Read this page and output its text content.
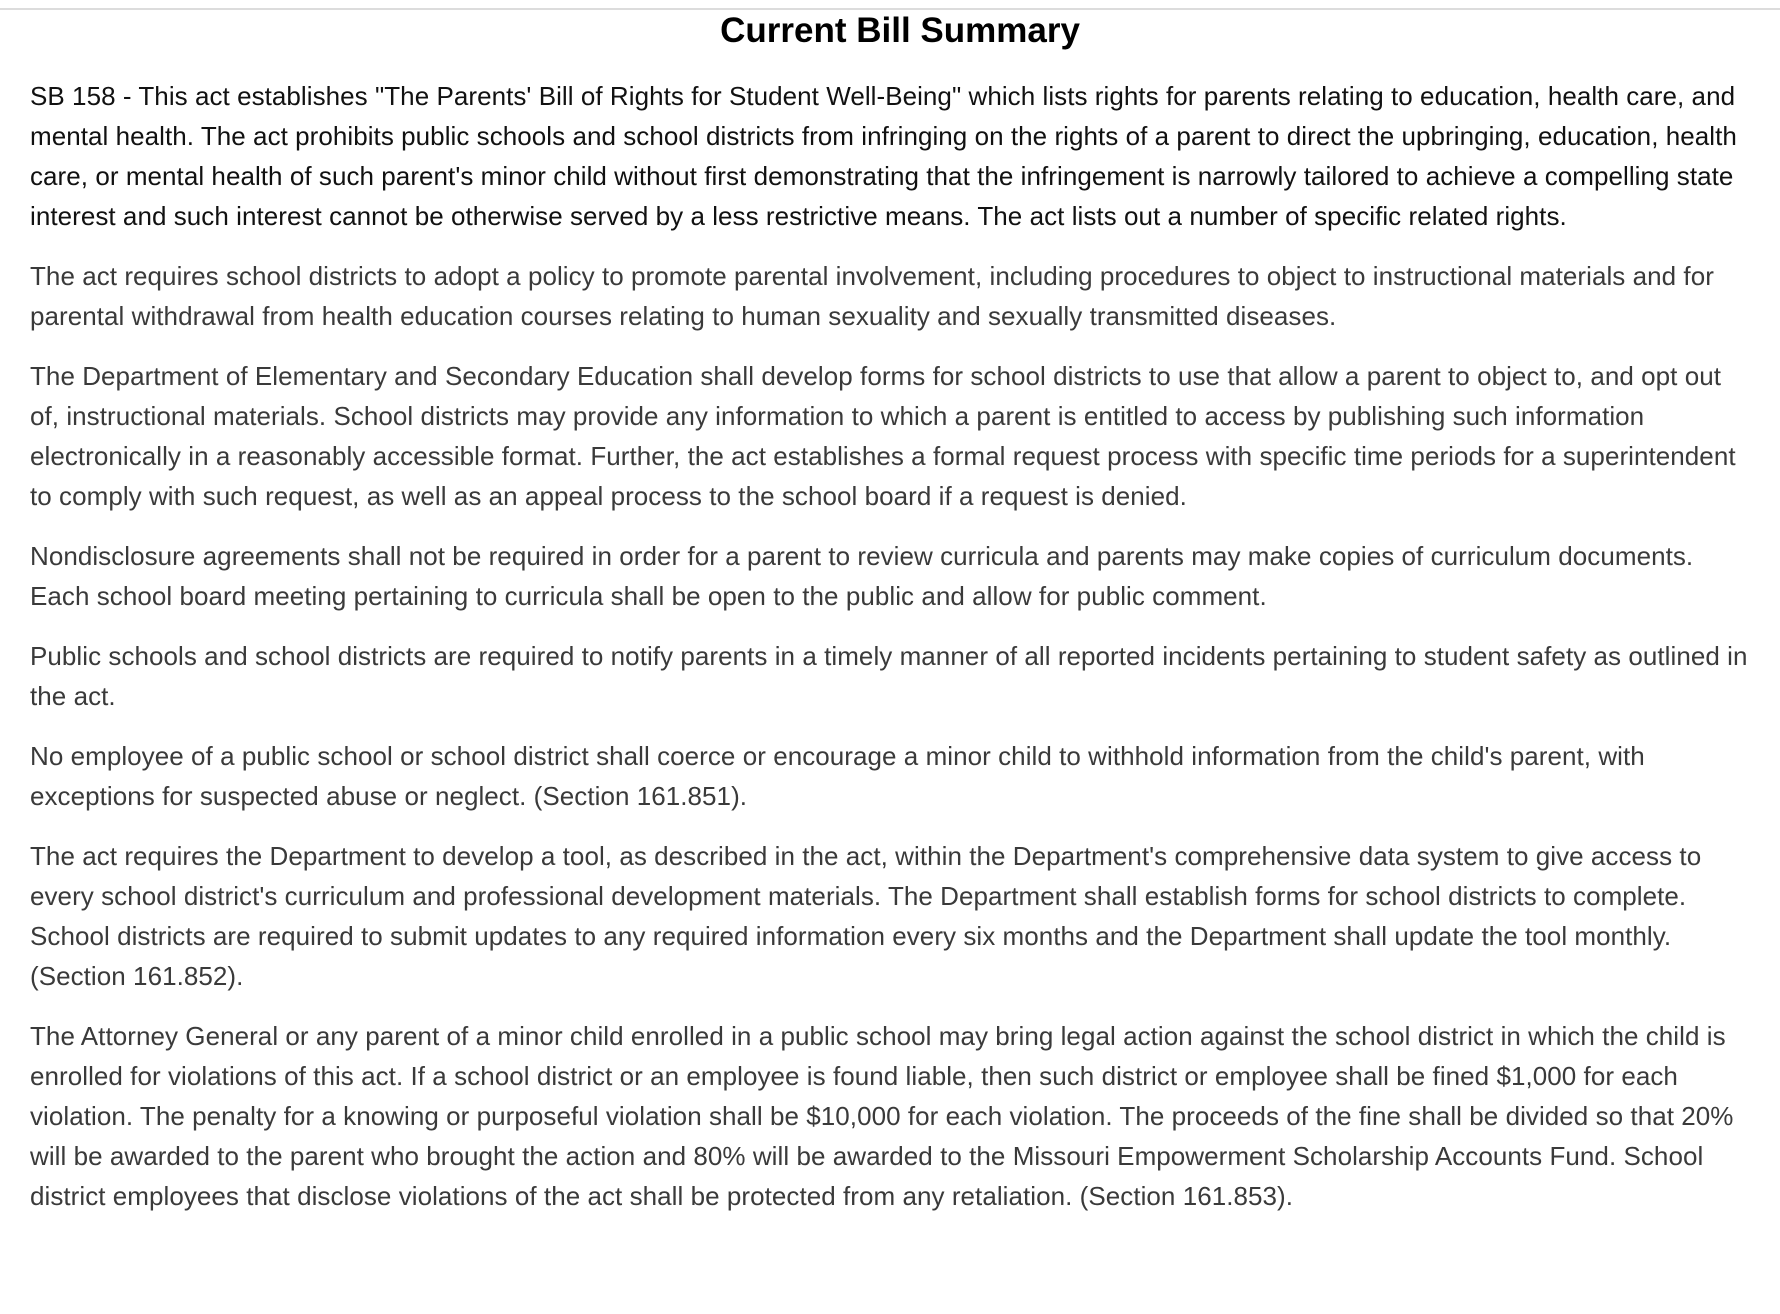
Current Bill Summary

SB 158 - This act establishes "The Parents' Bill of Rights for Student Well-Being" which lists rights for parents relating to education, health care, and mental health. The act prohibits public schools and school districts from infringing on the rights of a parent to direct the upbringing, education, health care, or mental health of such parent's minor child without first demonstrating that the infringement is narrowly tailored to achieve a compelling state interest and such interest cannot be otherwise served by a less restrictive means. The act lists out a number of specific related rights.

The act requires school districts to adopt a policy to promote parental involvement, including procedures to object to instructional materials and for parental withdrawal from health education courses relating to human sexuality and sexually transmitted diseases.

The Department of Elementary and Secondary Education shall develop forms for school districts to use that allow a parent to object to, and opt out of, instructional materials. School districts may provide any information to which a parent is entitled to access by publishing such information electronically in a reasonably accessible format. Further, the act establishes a formal request process with specific time periods for a superintendent to comply with such request, as well as an appeal process to the school board if a request is denied.

Nondisclosure agreements shall not be required in order for a parent to review curricula and parents may make copies of curriculum documents. Each school board meeting pertaining to curricula shall be open to the public and allow for public comment.

Public schools and school districts are required to notify parents in a timely manner of all reported incidents pertaining to student safety as outlined in the act.

No employee of a public school or school district shall coerce or encourage a minor child to withhold information from the child's parent, with exceptions for suspected abuse or neglect. (Section 161.851).

The act requires the Department to develop a tool, as described in the act, within the Department's comprehensive data system to give access to every school district's curriculum and professional development materials. The Department shall establish forms for school districts to complete. School districts are required to submit updates to any required information every six months and the Department shall update the tool monthly. (Section 161.852).

The Attorney General or any parent of a minor child enrolled in a public school may bring legal action against the school district in which the child is enrolled for violations of this act. If a school district or an employee is found liable, then such district or employee shall be fined $1,000 for each violation. The penalty for a knowing or purposeful violation shall be $10,000 for each violation. The proceeds of the fine shall be divided so that 20% will be awarded to the parent who brought the action and 80% will be awarded to the Missouri Empowerment Scholarship Accounts Fund. School district employees that disclose violations of the act shall be protected from any retaliation. (Section 161.853).
